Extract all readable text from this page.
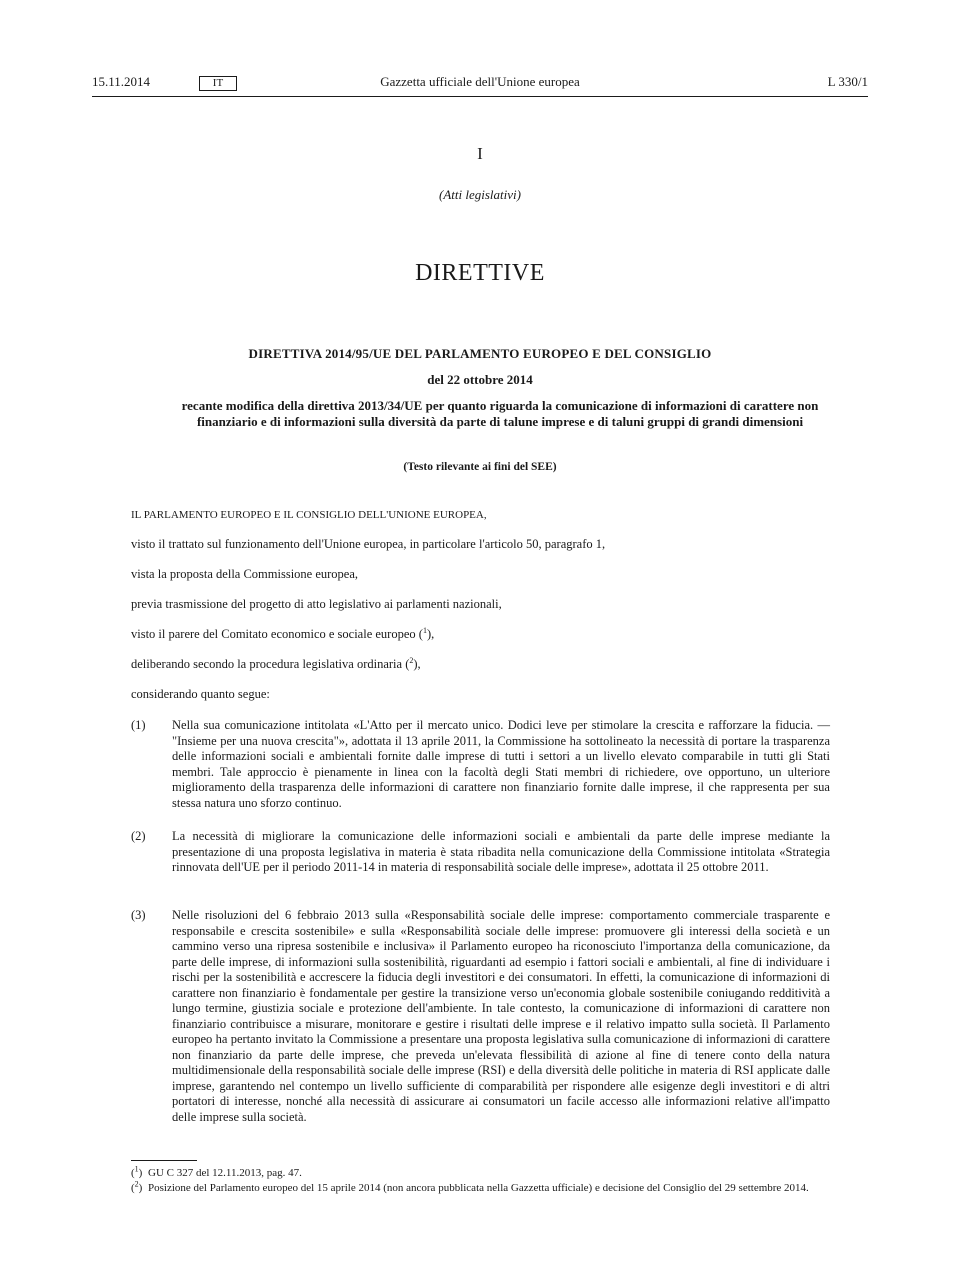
15.11.2014	Gazzetta ufficiale dell'Unione europea
IT	L 330/1
I
(Atti legislativi)
DIRETTIVE
DIRETTIVA 2014/95/UE DEL PARLAMENTO EUROPEO E DEL CONSIGLIO
del 22 ottobre 2014
recante modifica della direttiva 2013/34/UE per quanto riguarda la comunicazione di informazioni di carattere non finanziario e di informazioni sulla diversità da parte di talune imprese e di taluni gruppi di grandi dimensioni
(Testo rilevante ai fini del SEE)
IL PARLAMENTO EUROPEO E IL CONSIGLIO DELL'UNIONE EUROPEA,
visto il trattato sul funzionamento dell'Unione europea, in particolare l'articolo 50, paragrafo 1,
vista la proposta della Commissione europea,
previa trasmissione del progetto di atto legislativo ai parlamenti nazionali,
visto il parere del Comitato economico e sociale europeo ($^1$),
deliberando secondo la procedura legislativa ordinaria ($^2$),
considerando quanto segue:
(1) Nella sua comunicazione intitolata «L'Atto per il mercato unico. Dodici leve per stimolare la crescita e rafforzare la fiducia. — "Insieme per una nuova crescita"», adottata il 13 aprile 2011, la Commissione ha sottolineato la necessità di portare la trasparenza delle informazioni sociali e ambientali fornite dalle imprese di tutti i settori a un livello elevato comparabile in tutti gli Stati membri. Tale approccio è pienamente in linea con la facoltà degli Stati membri di richiedere, ove opportuno, un ulteriore miglioramento della trasparenza delle informazioni di carattere non finanziario fornite dalle imprese, il che rappresenta per sua stessa natura uno sforzo continuo.
(2) La necessità di migliorare la comunicazione delle informazioni sociali e ambientali da parte delle imprese mediante la presentazione di una proposta legislativa in materia è stata ribadita nella comunicazione della Commissione intitolata «Strategia rinnovata dell'UE per il periodo 2011-14 in materia di responsabilità sociale delle imprese», adottata il 25 ottobre 2011.
(3) Nelle risoluzioni del 6 febbraio 2013 sulla «Responsabilità sociale delle imprese: comportamento commerciale trasparente e responsabile e crescita sostenibile» e sulla «Responsabilità sociale delle imprese: promuovere gli interessi della società e un cammino verso una ripresa sostenibile e inclusiva» il Parlamento europeo ha riconosciuto l'importanza della comunicazione, da parte delle imprese, di informazioni sulla sostenibilità, riguardanti ad esempio i fattori sociali e ambientali, al fine di individuare i rischi per la sostenibilità e accrescere la fiducia degli investitori e dei consumatori. In effetti, la comunicazione di informazioni di carattere non finanziario è fondamentale per gestire la transizione verso un'economia globale sostenibile coniugando redditività a lungo termine, giustizia sociale e protezione dell'ambiente. In tale contesto, la comunicazione di informazioni di carattere non finanziario contribuisce a misurare, monitorare e gestire i risultati delle imprese e il relativo impatto sulla società. Il Parlamento europeo ha pertanto invitato la Commissione a presentare una proposta legislativa sulla comunicazione di informazioni di carattere non finanziario da parte delle imprese, che preveda un'elevata flessibilità di azione al fine di tenere conto della natura multidimensionale della responsabilità sociale delle imprese (RSI) e della diversità delle politiche in materia di RSI applicate dalle imprese, garantendo nel contempo un livello sufficiente di comparabilità per rispondere alle esigenze degli investitori e di altri portatori di interesse, nonché alla necessità di assicurare ai consumatori un facile accesso alle informazioni relative all'impatto delle imprese sulla società.
($^1$) GU C 327 del 12.11.2013, pag. 47.
($^2$) Posizione del Parlamento europeo del 15 aprile 2014 (non ancora pubblicata nella Gazzetta ufficiale) e decisione del Consiglio del 29 settembre 2014.
